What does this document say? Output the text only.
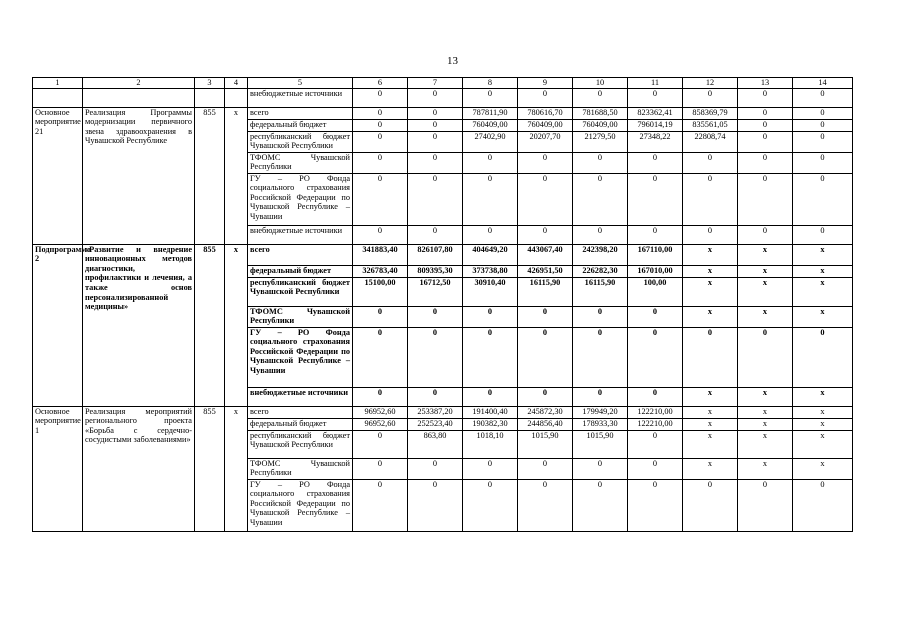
13
1	2	3	4	5	6	7	8	9	10	11	12	13	14
				внебюджетные источники	0	0	0	0	0	0	0	0	0
Основное мероприятие 21	Реализация Программы модернизации первичного звена здравоохранения в Чувашской Республике	855	х	всего	0	0	787811,90	780616,70	781688,50	823362,41	858369,79	0	0
				федеральный бюджет	0	0	760409,00	760409,00	760409,00	796014,19	835561,05	0	0
				республиканский бюджет Чувашской Республики	0	0	27402,90	20207,70	21279,50	27348,22	22808,74	0	0
				ТФОМС Чувашской Республики	0	0	0	0	0	0	0	0	0
				ГУ – РО Фонда социального страхования Российской Федерации по Чувашской Республике – Чувашии	0	0	0	0	0	0	0	0	0
				внебюджетные источники	0	0	0	0	0	0	0	0	0
Подпрограмма 2	«Развитие и внедрение инновационных методов диагностики, профилактики и лечения, а также основ персонализированной медицины»	855	х	всего	341883,40	826107,80	404649,20	443067,40	242398,20	167110,00	х	х	х
				федеральный бюджет	326783,40	809395,30	373738,80	426951,50	226282,30	167010,00	х	х	х
				республиканский бюджет Чувашской Республики	15100,00	16712,50	30910,40	16115,90	16115,90	100,00	х	х	х
				ТФОМС Чувашской Республики	0	0	0	0	0	0	х	х	х
				ГУ – РО Фонда социального страхования Российской Федерации по Чувашской Республике – Чувашии	0	0	0	0	0	0	0	0	0
				внебюджетные источники	0	0	0	0	0	0	х	х	х
Основное мероприятие 1	Реализация мероприятий регионального проекта «Борьба с сердечно-сосудистыми заболеваниями»	855	х	всего	96952,60	253387,20	191400,40	245872,30	179949,20	122210,00	х	х	х
				федеральный бюджет	96952,60	252523,40	190382,30	244856,40	178933,30	122210,00	х	х	х
				республиканский бюджет Чувашской Республики	0	863,80	1018,10	1015,90	1015,90	0	х	х	х
				ТФОМС Чувашской Республики	0	0	0	0	0	0	х	х	х
				ГУ – РО Фонда социального страхования Российской Федерации по Чувашской Республике – Чувашии	0	0	0	0	0	0	0	0	0
